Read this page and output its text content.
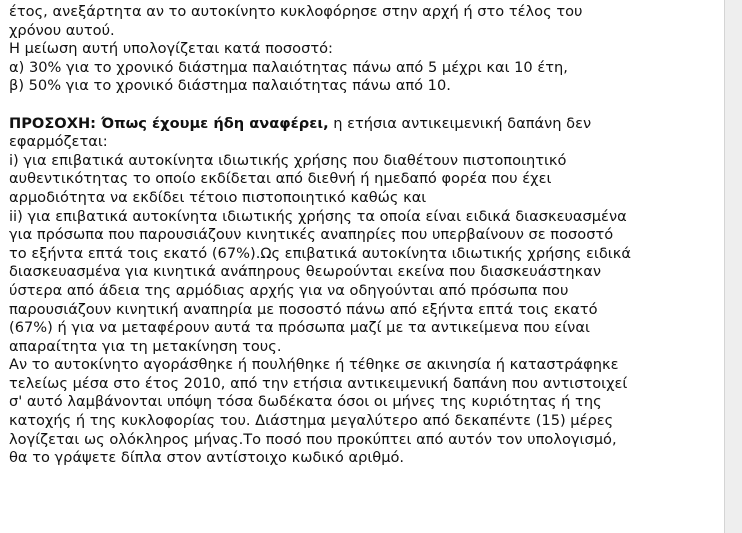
έτος, ανεξάρτητα αν το αυτοκίνητο κυκλοφόρησε στην αρχή ή στο τέλος του
χρόνου αυτού.
Η μείωση αυτή υπολογίζεται κατά ποσοστό:
α) 30% για το χρονικό διάστημα παλαιότητας πάνω από 5 μέχρι και 10 έτη,
β) 50% για το χρονικό διάστημα παλαιότητας πάνω από 10.
ΠΡΟΣΟΧΗ: Όπως έχουμε ήδη αναφέρει, η ετήσια αντικειμενική δαπάνη δεν
εφαρμόζεται:
i) για επιβατικά αυτοκίνητα ιδιωτικής χρήσης που διαθέτουν πιστοποιητικό
αυθεντικότητας το οποίο εκδίδεται από διεθνή ή ημεδαπό φορέα που έχει
αρμοδιότητα να εκδίδει τέτοιο πιστοποιητικό καθώς και
ii) για επιβατικά αυτοκίνητα ιδιωτικής χρήσης τα οποία είναι ειδικά διασκευασμένα
για πρόσωπα που παρουσιάζουν κινητικές αναπηρίες που υπερβαίνουν σε ποσοστό
το εξήντα επτά τοις εκατό (67%).Ως επιβατικά αυτοκίνητα ιδιωτικής χρήσης ειδικά
διασκευασμένα για κινητικά ανάπηρους θεωρούνται εκείνα που διασκευάστηκαν
ύστερα από άδεια της αρμόδιας αρχής για να οδηγούνται από πρόσωπα που
παρουσιάζουν κινητική αναπηρία με ποσοστό πάνω από εξήντα επτά τοις εκατό
(67%) ή για να μεταφέρουν αυτά τα πρόσωπα μαζί με τα αντικείμενα που είναι
απαραίτητα για τη μετακίνηση τους.
Αν το αυτοκίνητο αγοράσθηκε ή πουλήθηκε ή τέθηκε σε ακινησία ή καταστράφηκε
τελείως μέσα στο έτος 2010, από την ετήσια αντικειμενική δαπάνη που αντιστοιχεί
σ' αυτό λαμβάνονται υπόψη τόσα δωδέκατα όσοι οι μήνες της κυριότητας ή της
κατοχής ή της κυκλοφορίας του. Διάστημα μεγαλύτερο από δεκαπέντε (15) μέρες
λογίζεται ως ολόκληρος μήνας.Το ποσό που προκύπτει από αυτόν τον υπολογισμό,
θα το γράψετε δίπλα στον αντίστοιχο κωδικό αριθμό.
